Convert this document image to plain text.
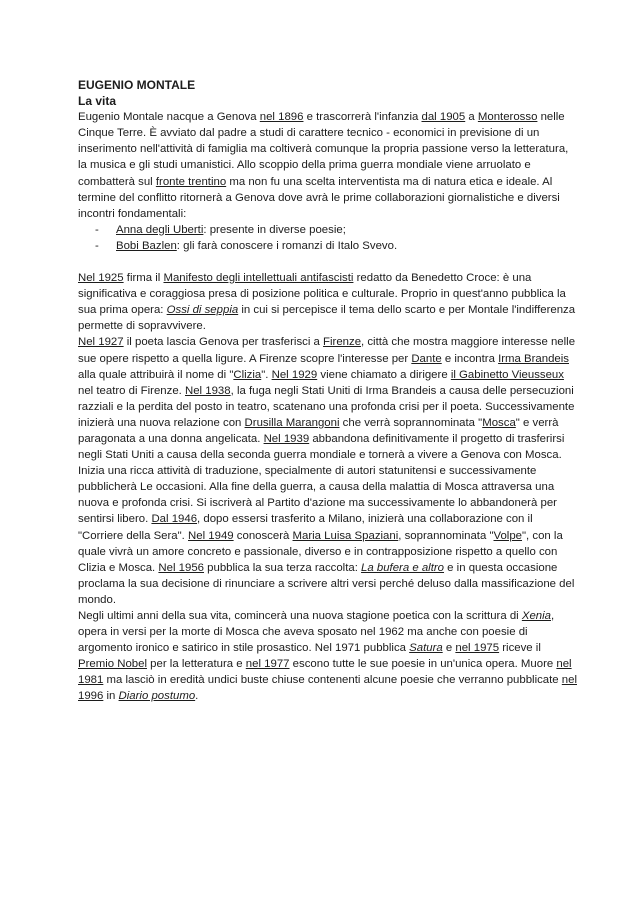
EUGENIO MONTALE
La vita

Eugenio Montale nacque a Genova nel 1896 e trascorrerà l'infanzia dal 1905 a Monterosso nelle Cinque Terre. È avviato dal padre a studi di carattere tecnico - economici in previsione di un inserimento nell'attività di famiglia ma coltiverà comunque la propria passione verso la letteratura, la musica e gli studi umanistici. Allo scoppio della prima guerra mondiale viene arruolato e combatterà sul fronte trentino ma non fu una scelta interventista ma di natura etica e ideale. Al termine del conflitto ritornerà a Genova dove avrà le prime collaborazioni giornalistiche e diversi incontri fondamentali:

-	Anna degli Uberti: presente in diverse poesie;
-	Bobi Bazlen: gli farà conoscere i romanzi di Italo Svevo.

Nel 1925 firma il Manifesto degli intellettuali antifascisti redatto da Benedetto Croce: è una significativa e coraggiosa presa di posizione politica e culturale. Proprio in quest'anno pubblica la sua prima opera: Ossi di seppia in cui si percepisce il tema dello scarto e per Montale l'indifferenza permette di sopravvivere.

Nel 1927 il poeta lascia Genova per trasferisci a Firenze, città che mostra maggiore interesse nelle sue opere rispetto a quella ligure. A Firenze scopre l'interesse per Dante e incontra Irma Brandeis alla quale attribuirà il nome di "Clizia". Nel 1929 viene chiamato a dirigere il Gabinetto Vieusseux nel teatro di Firenze. Nel 1938, la fuga negli Stati Uniti di Irma Brandeis a causa delle persecuzioni razziali e la perdita del posto in teatro, scatenano una profonda crisi per il poeta. Successivamente inizierà una nuova relazione con Drusilla Marangoni che verrà soprannominata "Mosca" e verrà paragonata a una donna angelicata. Nel 1939 abbandona definitivamente il progetto di trasferirsi negli Stati Uniti a causa della seconda guerra mondiale e tornerà a vivere a Genova con Mosca. Inizia una ricca attività di traduzione, specialmente di autori statunitensi e successivamente pubblicherà Le occasioni. Alla fine della guerra, a causa della malattia di Mosca attraversa una nuova e profonda crisi. Si iscriverà al Partito d'azione ma successivamente lo abbandonerà per sentirsi libero. Dal 1946, dopo essersi trasferito a Milano, inizierà una collaborazione con il "Corriere della Sera". Nel 1949 conoscerà Maria Luisa Spaziani, soprannominata "Volpe", con la quale vivrà un amore concreto e passionale, diverso e in contrapposizione rispetto a quello con Clizia e Mosca. Nel 1956 pubblica la sua terza raccolta: La bufera e altro e in questa occasione proclama la sua decisione di rinunciare a scrivere altri versi perché deluso dalla massificazione del mondo.

Negli ultimi anni della sua vita, comincerà una nuova stagione poetica con la scrittura di Xenia, opera in versi per la morte di Mosca che aveva sposato nel 1962 ma anche con poesie di argomento ironico e satirico in stile prosastico. Nel 1971 pubblica Satura e nel 1975 riceve il Premio Nobel per la letteratura e nel 1977 escono tutte le sue poesie in un'unica opera. Muore nel 1981 ma lasciò in eredità undici buste chiuse contenenti alcune poesie che verranno pubblicate nel 1996 in Diario postumo.
